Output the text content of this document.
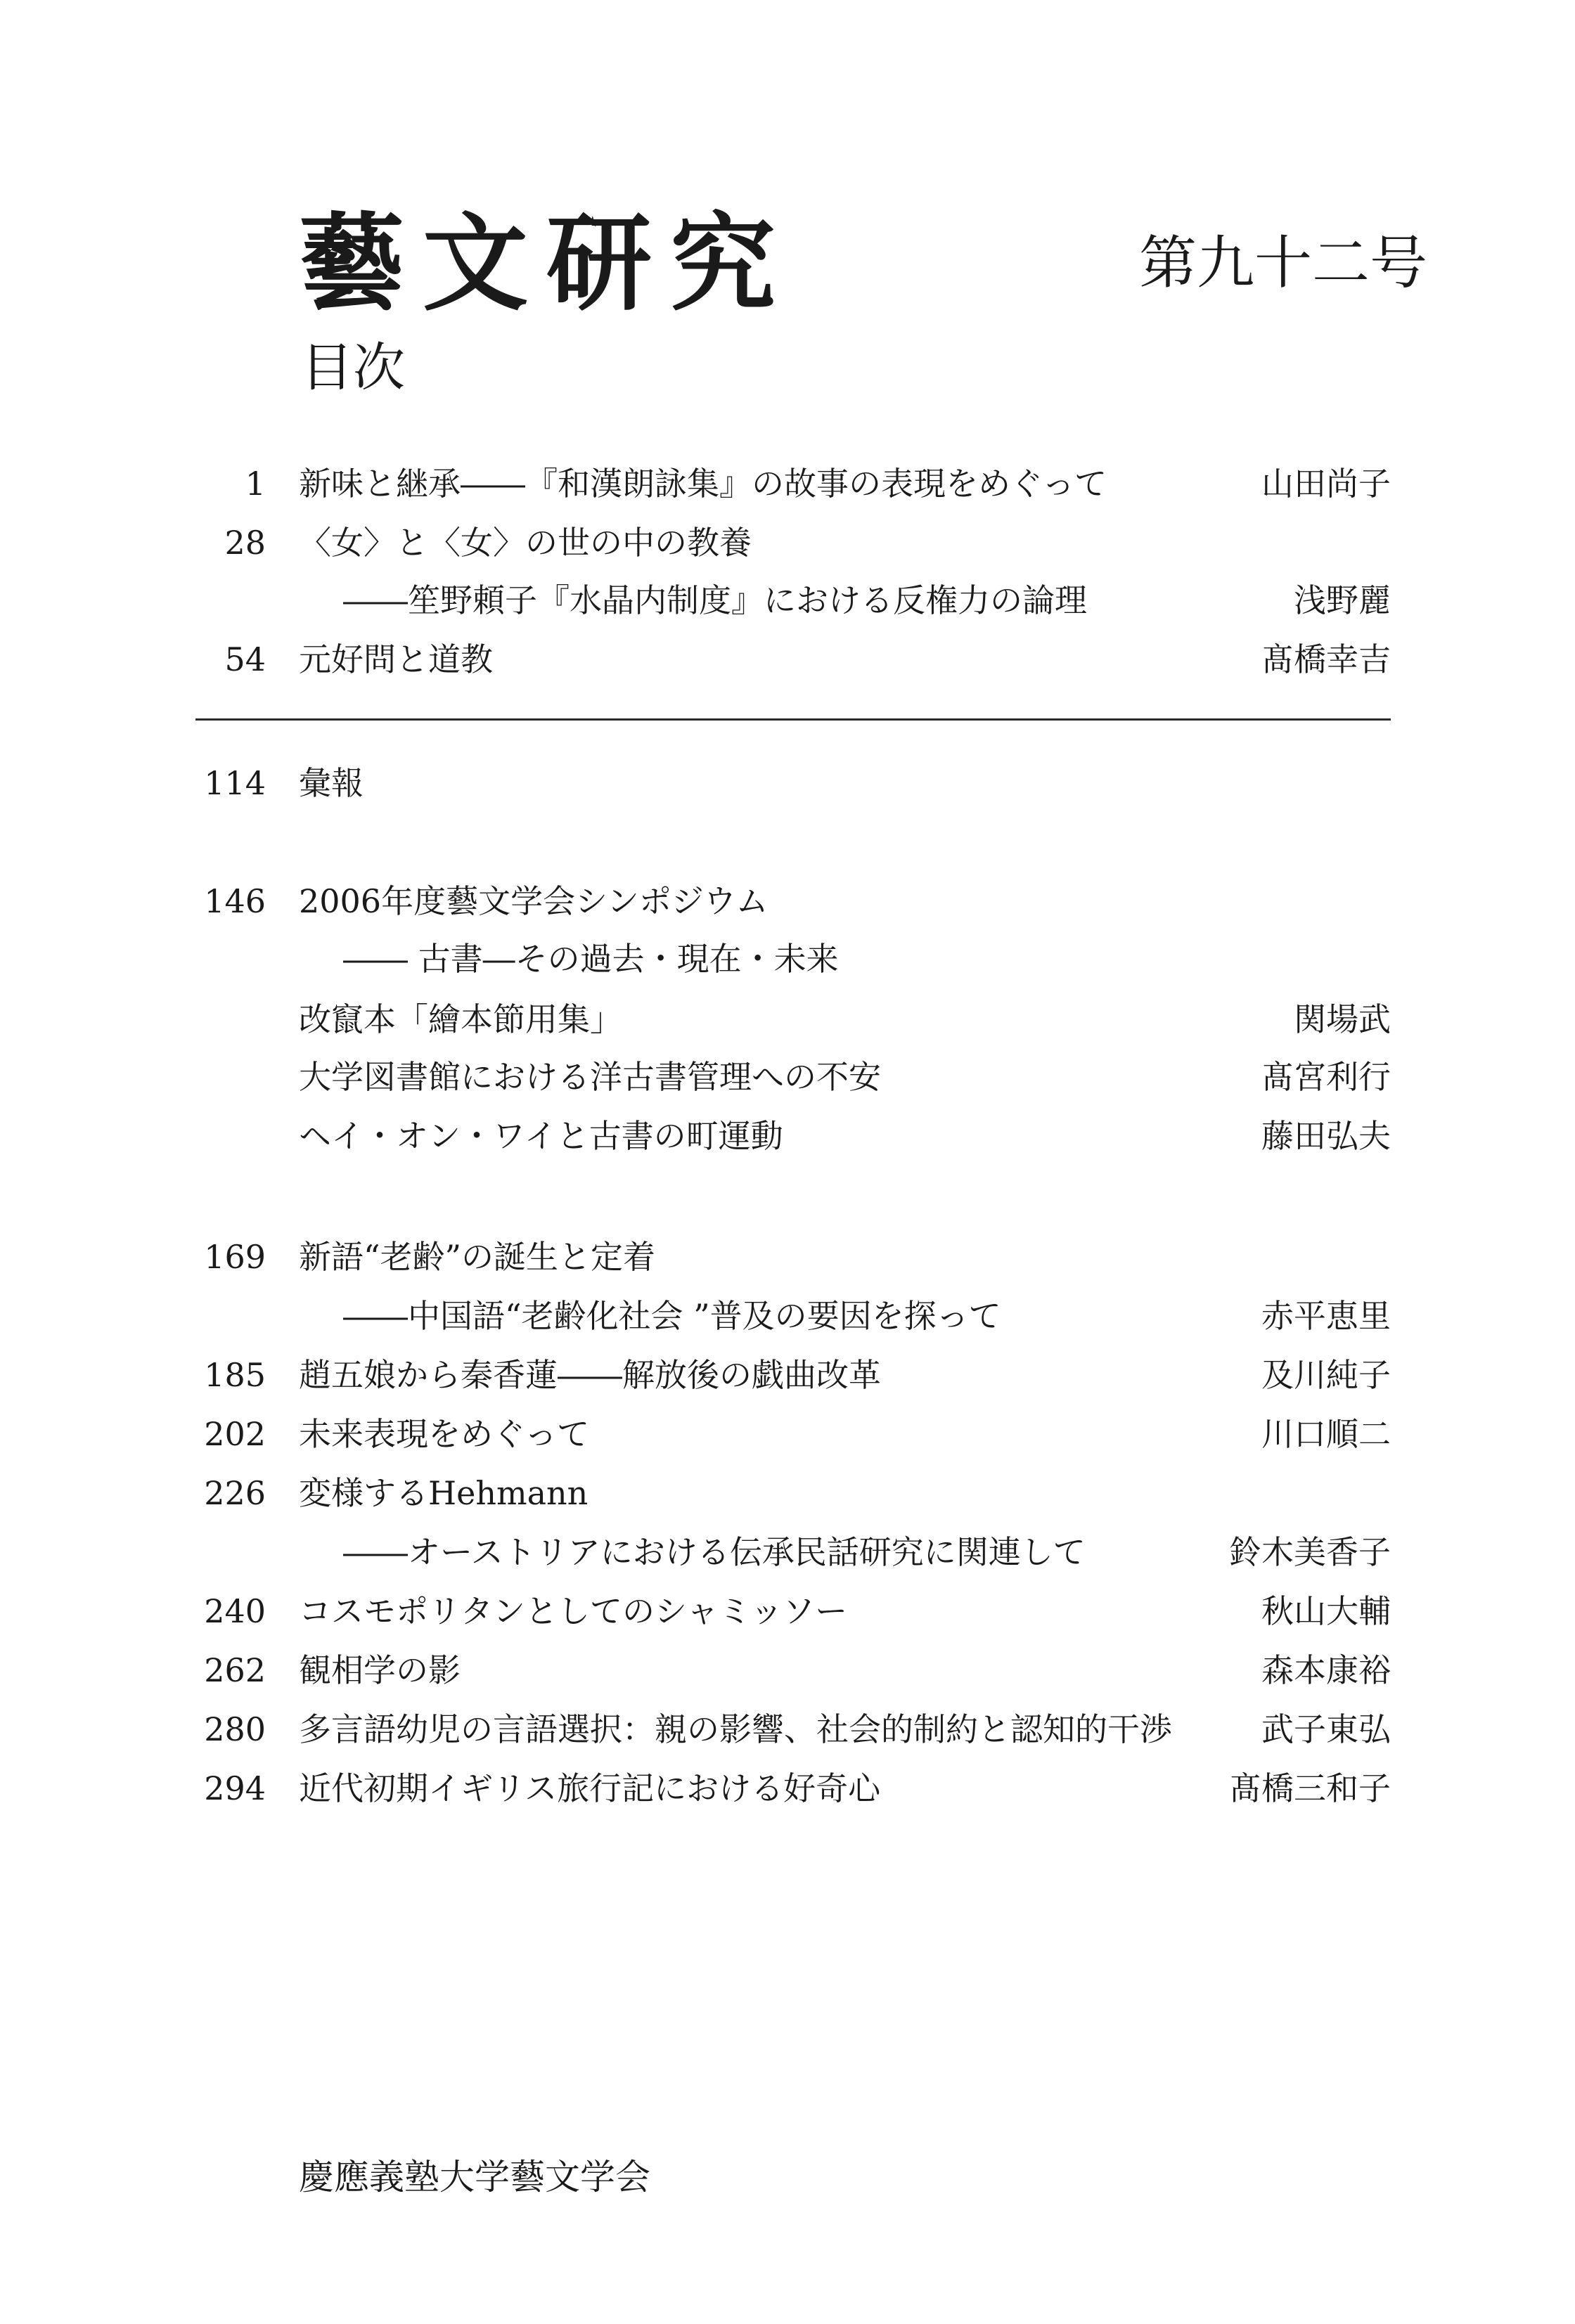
藝文研究	第九十二号
目次
1 新味と継承――『和漢朗詠集』の故事の表現をめぐって	山田尚子
28 〈女〉と〈女〉の世の中の教養
――笙野頼子『水晶内制度』における反権力の論理	浅野麗
54 元好問と道教	髙橋幸吉
114 彙報
146 2006年度藝文学会シンポジウム
―― 古書―その過去・現在・未来
改竄本「繪本節用集」	関場武
大学図書館における洋古書管理への不安	髙宮利行
ヘイ・オン・ワイと古書の町運動	藤田弘夫
169 新語“老齢”の誕生と定着
――中国語“老齢化社会 ”普及の要因を探って	赤平恵里
185 趙五娘から秦香蓮――解放後の戯曲改革	及川純子
202 未来表現をめぐって	川口順二
226 変様するHehmann
――オーストリアにおける伝承民話研究に関連して	鈴木美香子
240 コスモポリタンとしてのシャミッソー	秋山大輔
262 観相学の影	森本康裕
280 多言語幼児の言語選択：親の影響、社会的制約と認知的干渉	武子東弘
294 近代初期イギリス旅行記における好奇心	髙橋三和子
慶應義塾大学藝文学会
